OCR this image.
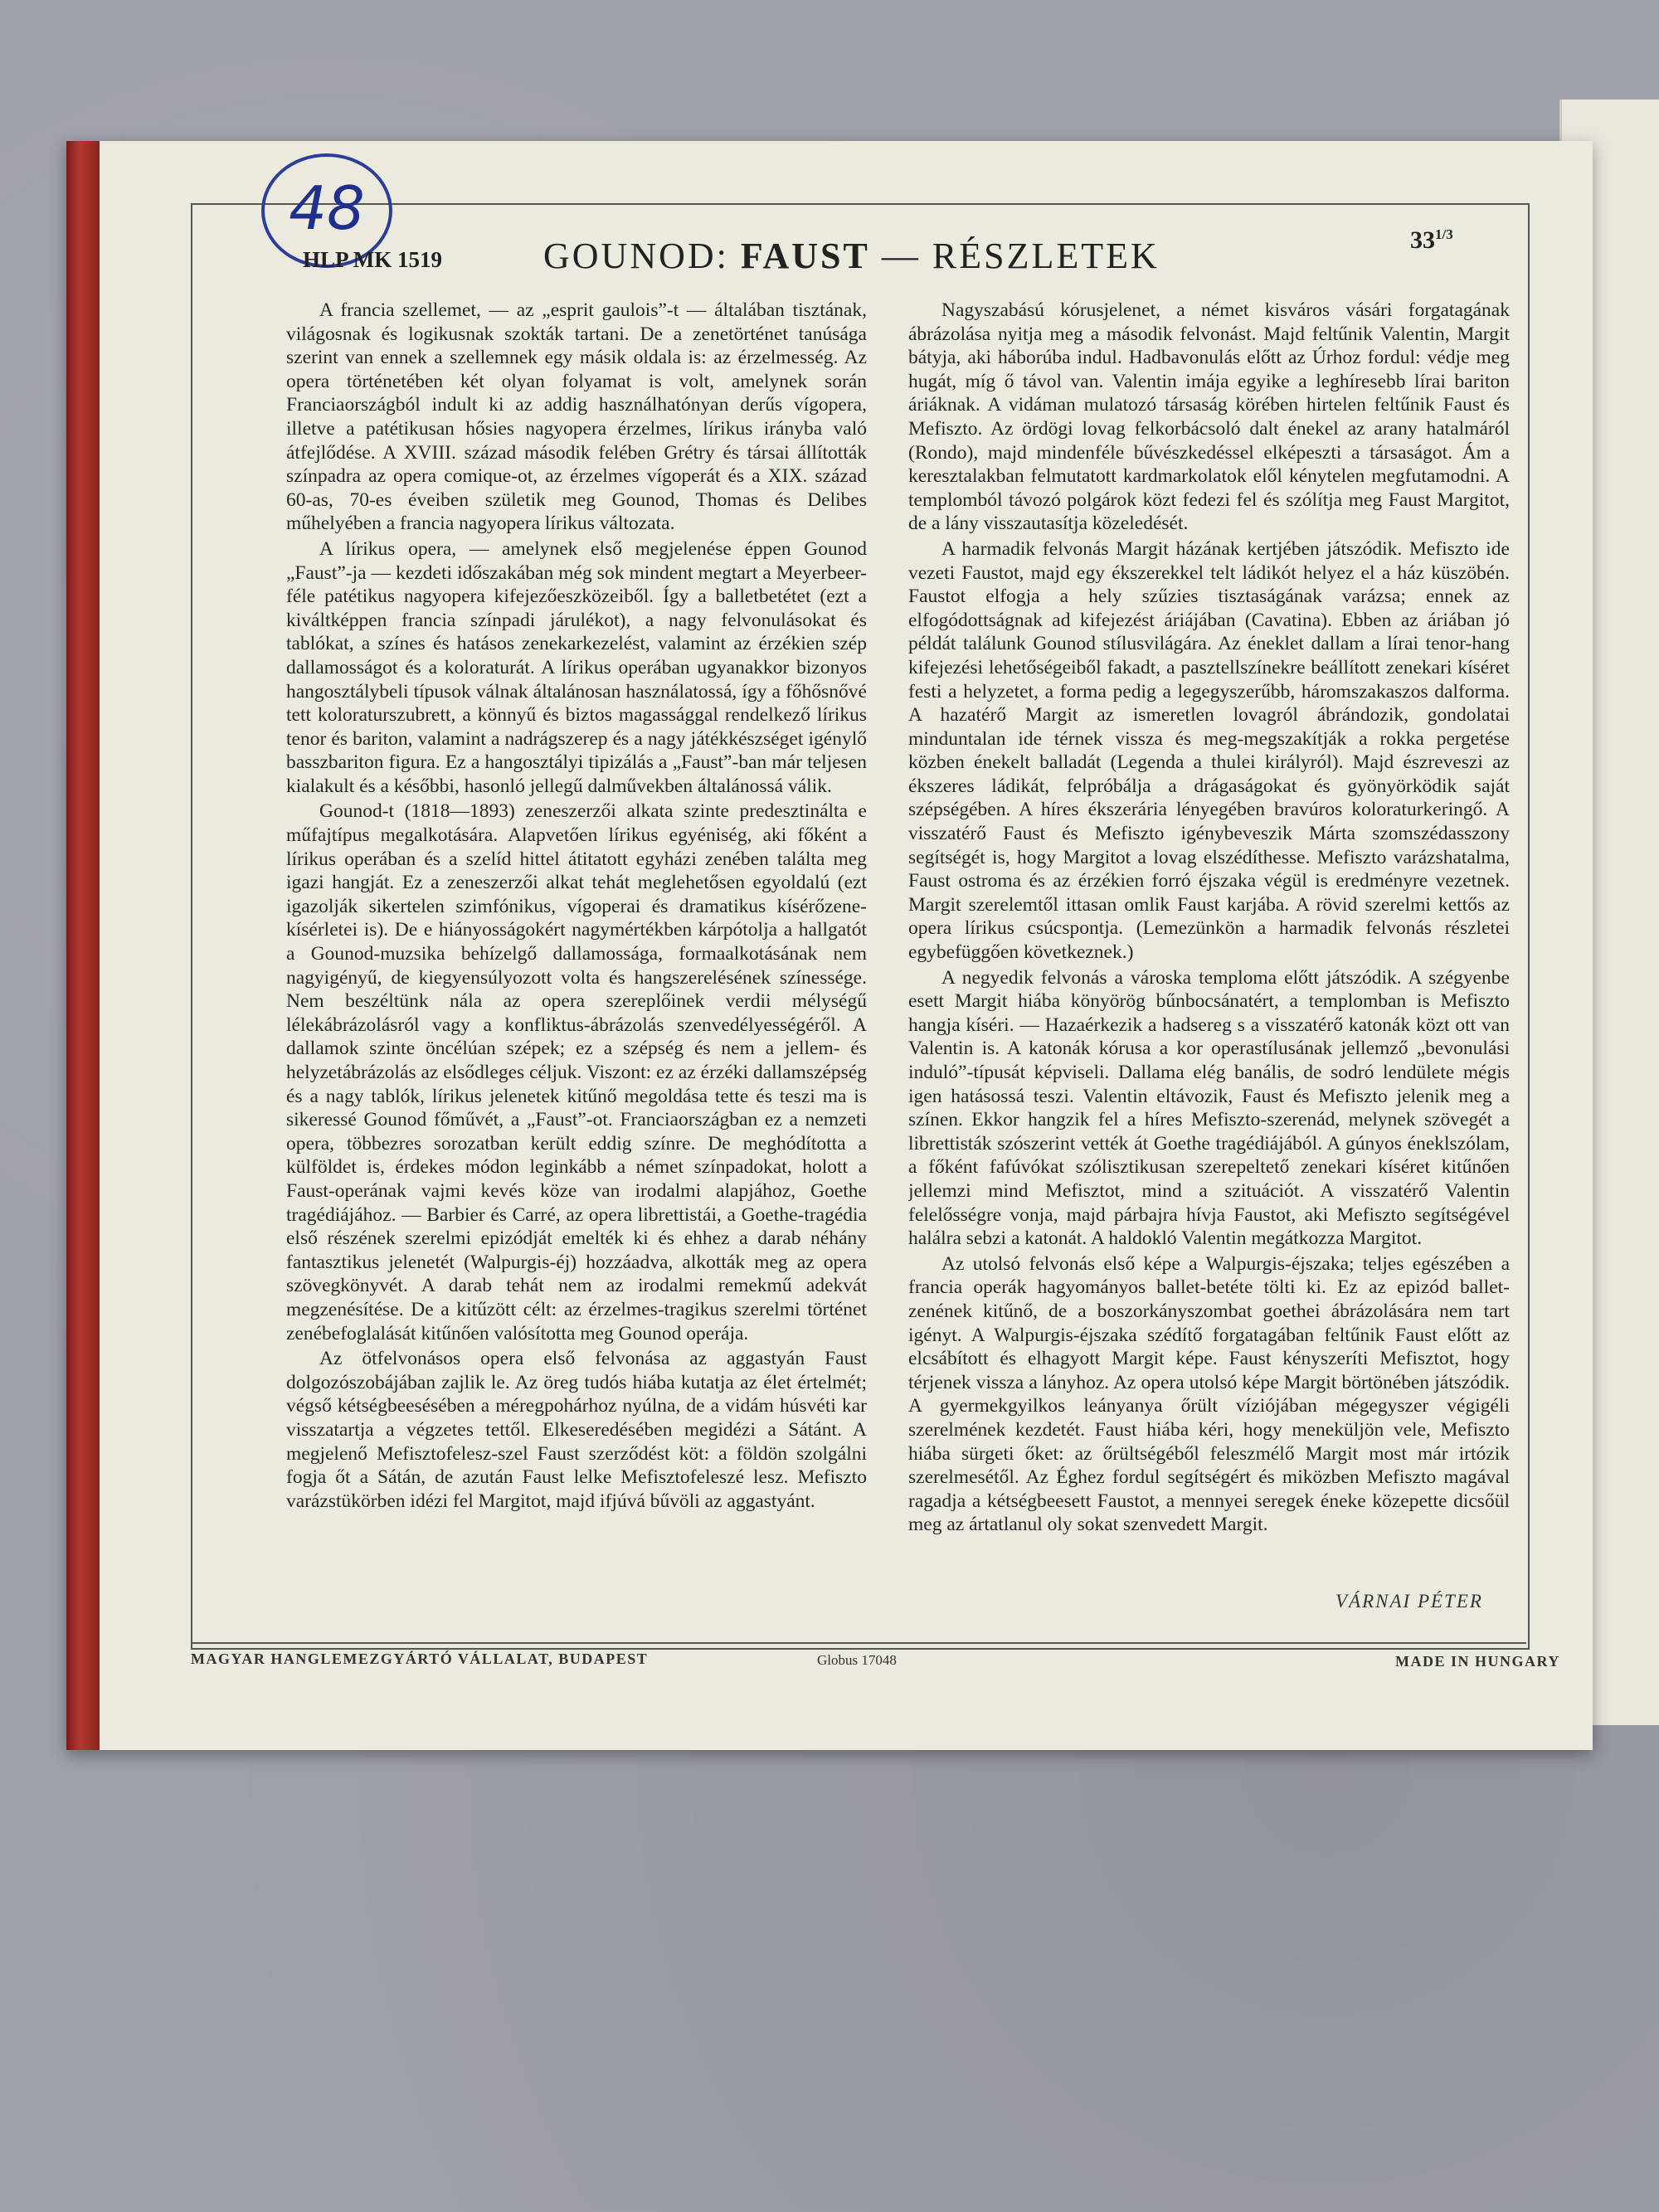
48
HLP MK 1519	GOUNOD: FAUST — RÉSZLETEK	$33^{1/3}$

A francia szellemet, — az „esprit gaulois”-t — általában tisztának, világosnak és logikusnak szokták tartani. De a zenetörténet tanúsága szerint van ennek a szellemnek egy másik oldala is: az érzelmesség. Az opera történetében két olyan folyamat is volt, amelynek során Franciaországból indult ki az addig használhatónyan derűs vígopera, illetve a patétikusan hősies nagyopera érzelmes, lírikus irányba való átfejlődése. A XVIII. század második felében Grétry és társai állították színpadra az opera comique-ot, az érzelmes vígoperát és a XIX. század 60-as, 70-es éveiben születik meg Gounod, Thomas és Delibes műhelyében a francia nagyopera lírikus változata.

A lírikus opera, — amelynek első megjelenése éppen Gounod „Faust”-ja — kezdeti időszakában még sok mindent megtart a Meyerbeer-féle patétikus nagyopera kifejezőeszközeiből. Így a balletbetétet (ezt a kiváltképpen francia színpadi járulékot), a nagy felvonulásokat és tablókat, a színes és hatásos zenekarkezelést, valamint az érzékien szép dallamosságot és a koloraturát. A lírikus operában ugyanakkor bizonyos hangosztálybeli típusok válnak általánosan használatossá, így a főhősnővé tett koloraturszubrett, a könnyű és biztos magassággal rendelkező lírikus tenor és bariton, valamint a nadrágszerep és a nagy játékkészséget igénylő basszbariton figura. Ez a hangosztályi tipizálás a „Faust”-ban már teljesen kialakult és a későbbi, hasonló jellegű dalművekben általánossá válik.

Gounod-t (1818—1893) zeneszerzői alkata szinte predesztinálta e műfajtípus megalkotására. Alapvetően lírikus egyéniség, aki főként a lírikus operában és a szelíd hittel átitatott egyházi zenében találta meg igazi hangját. Ez a zeneszerzői alkat tehát meglehetősen egyoldalú (ezt igazolják sikertelen szimfónikus, vígoperai és dramatikus kísérőzene-kísérletei is). De e hiányosságokért nagymértékben kárpótolja a hallgatót a Gounod-muzsika behízelgő dallamossága, formaalkotásának nem nagyigényű, de kiegyensúlyozott volta és hangszerelésének színessége. Nem beszéltünk nála az opera szereplőinek verdii mélységű lélekábrázolásról vagy a konfliktus-ábrázolás szenvedélyességéről. A dallamok szinte öncélúan szépek; ez a szépség és nem a jellem- és helyzetábrázolás az elsődleges céljuk. Viszont: ez az érzéki dallamszépség és a nagy tablók, lírikus jelenetek kitűnő megoldása tette és teszi ma is sikeressé Gounod főművét, a „Faust”-ot. Franciaországban ez a nemzeti opera, többezres sorozatban került eddig színre. De meghódította a külföldet is, érdekes módon leginkább a német színpadokat, holott a Faust-operának vajmi kevés köze van irodalmi alapjához, Goethe tragédiájához. — Barbier és Carré, az opera librettistái, a Goethe-tragédia első részének szerelmi epizódját emelték ki és ehhez a darab néhány fantasztikus jelenetét (Walpurgis-éj) hozzáadva, alkották meg az opera szövegkönyvét. A darab tehát nem az irodalmi remekmű adekvát megzenésítése. De a kitűzött célt: az érzelmes-tragikus szerelmi történet zenébefoglalását kitűnően valósította meg Gounod operája.

Az ötfelvonásos opera első felvonása az aggastyán Faust dolgozószobájában zajlik le. Az öreg tudós hiába kutatja az élet értelmét; végső kétségbeesésében a méregpohárhoz nyúlna, de a vidám húsvéti kar visszatartja a végzetes tettől. Elkeseredésében megidézi a Sátánt. A megjelenő Mefisztofelesz-szel Faust szerződést köt: a földön szolgálni fogja őt a Sátán, de azután Faust lelke Mefisztofeleszé lesz. Mefiszto varázstükörben idézi fel Margitot, majd ifjúvá bűvöli az aggastyánt.

Nagyszabású kórusjelenet, a német kisváros vásári forgatagának ábrázolása nyitja meg a második felvonást. Majd feltűnik Valentin, Margit bátyja, aki háborúba indul. Hadbavonulás előtt az Úrhoz fordul: védje meg hugát, míg ő távol van. Valentin imája egyike a leghíresebb lírai bariton áriáknak. A vidáman mulatozó társaság körében hirtelen feltűnik Faust és Mefiszto. Az ördögi lovag felkorbácsoló dalt énekel az arany hatalmáról (Rondo), majd mindenféle bűvészkedéssel elképeszti a társaságot. Ám a keresztalakban felmutatott kardmarkolatok elől kénytelen megfutamodni. A templomból távozó polgárok közt fedezi fel és szólítja meg Faust Margitot, de a lány visszautasítja közeledését.

A harmadik felvonás Margit házának kertjében játszódik. Mefiszto ide vezeti Faustot, majd egy ékszerekkel telt ládikót helyez el a ház küszöbén. Faustot elfogja a hely szűzies tisztaságának varázsa; ennek az elfogódottságnak ad kifejezést áriájában (Cavatina). Ebben az áriában jó példát találunk Gounod stílusvilágára. Az éneklet dallam a lírai tenor-hang kifejezési lehetőségeiből fakadt, a pasztellszínekre beállított zenekari kíséret festi a helyzetet, a forma pedig a legegyszerűbb, háromszakaszos dalforma. A hazatérő Margit az ismeretlen lovagról ábrándozik, gondolatai minduntalan ide térnek vissza és meg-megszakítják a rokka pergetése közben énekelt balladát (Legenda a thulei királyról). Majd észreveszi az ékszeres ládikát, felpróbálja a drágaságokat és gyönyörködik saját szépségében. A híres ékszerária lényegében bravúros koloraturkeringő. A visszatérő Faust és Mefiszto igénybeveszik Márta szomszédasszony segítségét is, hogy Margitot a lovag elszédíthesse. Mefiszto varázshatalma, Faust ostroma és az érzékien forró éjszaka végül is eredményre vezetnek. Margit szerelemtől ittasan omlik Faust karjába. A rövid szerelmi kettős az opera lírikus csúcspontja. (Lemezünkön a harmadik felvonás részletei egybefüggően következnek.)

A negyedik felvonás a városka temploma előtt játszódik. A szégyenbe esett Margit hiába könyörög bűnbocsánatért, a templomban is Mefiszto hangja kíséri. — Hazaérkezik a hadsereg s a visszatérő katonák közt ott van Valentin is. A katonák kórusa a kor operastílusának jellemző „bevonulási induló”-típusát képviseli. Dallama elég banális, de sodró lendülete mégis igen hatásossá teszi. Valentin eltávozik, Faust és Mefiszto jelenik meg a színen. Ekkor hangzik fel a híres Mefiszto-szerenád, melynek szövegét a librettisták szószerint vették át Goethe tragédiájából. A gúnyos éneklszólam, a főként fafúvókat szólisztikusan szerepeltető zenekari kíséret kitűnően jellemzi mind Mefisztot, mind a szituációt. A visszatérő Valentin felelősségre vonja, majd párbajra hívja Faustot, aki Mefiszto segítségével halálra sebzi a katonát. A haldokló Valentin megátkozza Margitot.

Az utolsó felvonás első képe a Walpurgis-éjszaka; teljes egészében a francia operák hagyományos ballet-betéte tölti ki. Ez az epizód ballet-zenének kitűnő, de a boszorkányszombat goethei ábrázolására nem tart igényt. A Walpurgis-éjszaka szédítő forgatagában feltűnik Faust előtt az elcsábított és elhagyott Margit képe. Faust kényszeríti Mefisztot, hogy térjenek vissza a lányhoz. Az opera utolsó képe Margit börtönében játszódik. A gyermekgyilkos leányanya őrült víziójában mégegyszer végigéli szerelmének kezdetét. Faust hiába kéri, hogy meneküljön vele, Mefiszto hiába sürgeti őket: az őrültségéből feleszmélő Margit most már irtózik szerelmesétől. Az Éghez fordul segítségért és miközben Mefiszto magával ragadja a kétségbeesett Faustot, a mennyei seregek éneke közepette dicsőül meg az ártatlanul oly sokat szenvedett Margit.

VÁRNAI PÉTER
MAGYAR HANGLEMEZGYÁRTÓ VÁLLALAT, BUDAPEST	Globus 17048	MADE IN HUNGARY
